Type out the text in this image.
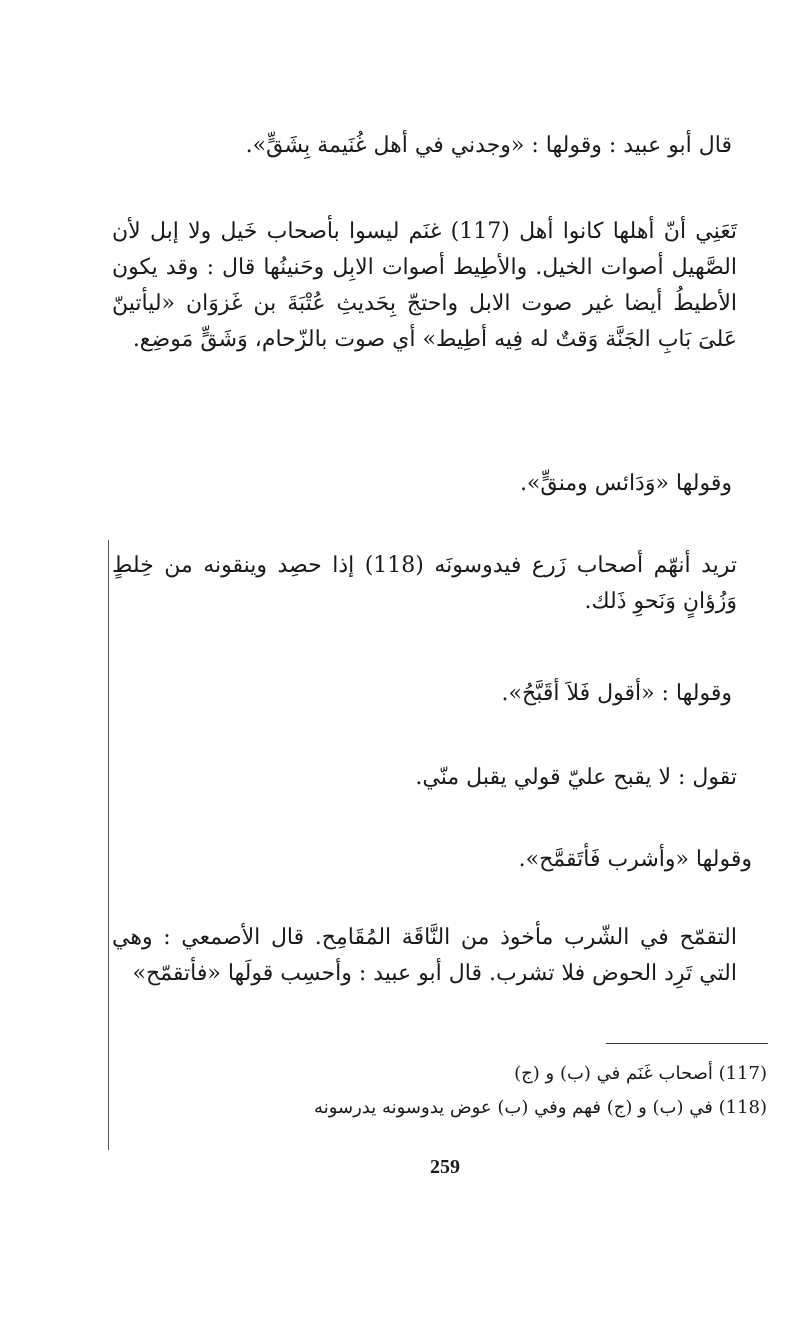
قال أبو عبيد : وقولها : «وجدني في أهل غُنَيمة بِشَقٍّ».

تَعَنِي أنّ أهلها كانوا أهل (117) غنَم ليسوا بأصحاب خَيل ولا إبل لأن الصَّهيل أصوات الخيل. والأطِيط أصوات الابِل وحَنينُها قال : وقد يكون الأطيطُ أيضا غير صوت الابل واحتجّ بِحَديثِ عُتْبَةَ بن غَزوَان «ليأتينّ عَلىَ بَابِ الجَنَّة وَقتٌ له فِيه أطِيط» أي صوت بالزّحام، وَشَقٍّ مَوضِع.

وقولها «وَدَائس ومنقٍّ».

تريد أنهّم أصحاب زَرع فيدوسونَه (118) إذا حصِد وينقونه من خِلطٍ وَزُؤانٍ وَنَحوِ ذَلك.

وقولها : «أقول فَلاَ أقَبَّحُ».

تقول : لا يقبح عليّ قولي يقبل منّي.

وقولها «وأشرب فَأتَقمَّح».

التقمّح في الشّرب مأخوذ من النَّاقَة المُقَامِح. قال الأصمعي : وهي التي تَرِد الحوض فلا تشرب. قال أبو عبيد : وأحسِب قولَها «فأتقمّح»

(117) أصحاب غَنَم في (ب) و (ج)
(118) في (ب) و (ج) فهم وفي (ب) عوض يدوسونه يدرسونه
259
